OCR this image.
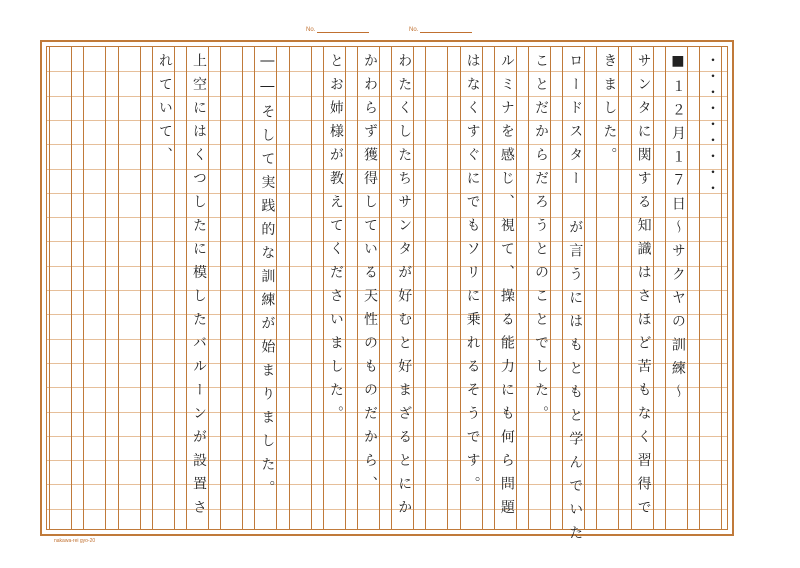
No.	No.
・・・・・・・・・
■１２月１７日〜サクヤの訓練〜
サンタに関する知識はさほど苦もなく習得で
きました。
ロードスター が言うにはもともと学んでいた
ことだからだろうとのことでした。
ルミナを感じ、視て、操る能力にも何ら問題
はなくすぐにでもソリに乗れるそうです。
わたくしたちサンタが好むと好まざるとにか
かわらず獲得している天性のものだから、
とお姉様が教えてくださいました。
――そして実践的な訓練が始まりました。
上空にはくつしたに模したバルーンが設置さ
れていて、
nakawa-rei gyo-20
